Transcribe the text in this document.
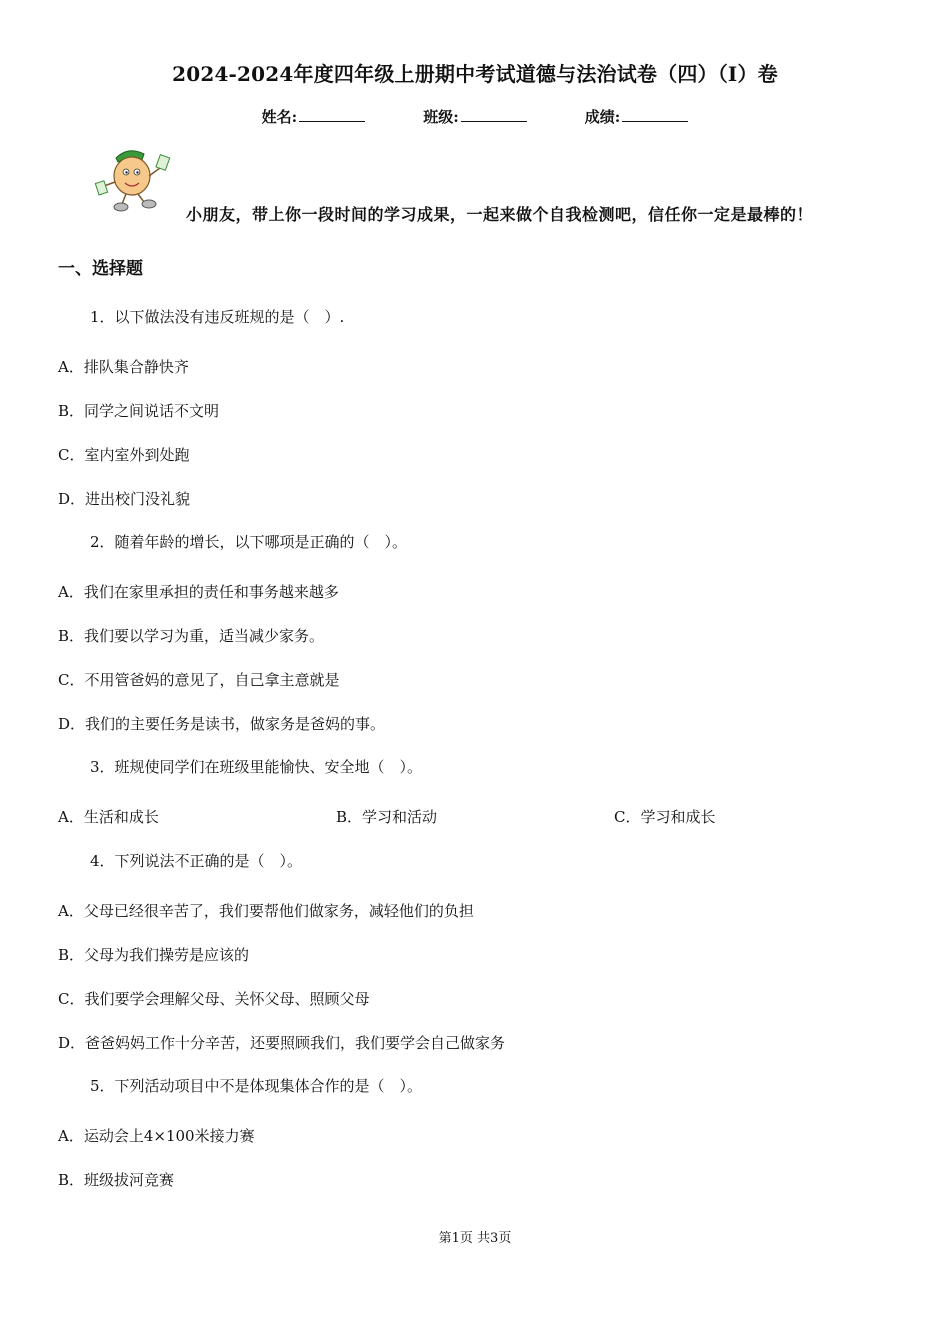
2024-2024年度四年级上册期中考试道德与法治试卷（四）（I）卷
姓名:	班级:	成绩:
小朋友，带上你一段时间的学习成果，一起来做个自我检测吧，信任你一定是最棒的！
一、选择题
1．以下做法没有违反班规的是（　）.
A．排队集合静快齐
B．同学之间说话不文明
C．室内室外到处跑
D．进出校门没礼貌
2．随着年龄的增长，以下哪项是正确的（　）。
A．我们在家里承担的责任和事务越来越多
B．我们要以学习为重，适当减少家务。
C．不用管爸妈的意见了，自己拿主意就是
D．我们的主要任务是读书，做家务是爸妈的事。
3．班规使同学们在班级里能愉快、安全地（　）。
A．生活和成长	B．学习和活动	C．学习和成长
4．下列说法不正确的是（　）。
A．父母已经很辛苦了，我们要帮他们做家务，减轻他们的负担
B．父母为我们操劳是应该的
C．我们要学会理解父母、关怀父母、照顾父母
D．爸爸妈妈工作十分辛苦，还要照顾我们，我们要学会自己做家务
5．下列活动项目中不是体现集体合作的是（　）。
A．运动会上4×100米接力赛
B．班级拔河竞赛
第1页 共3页
